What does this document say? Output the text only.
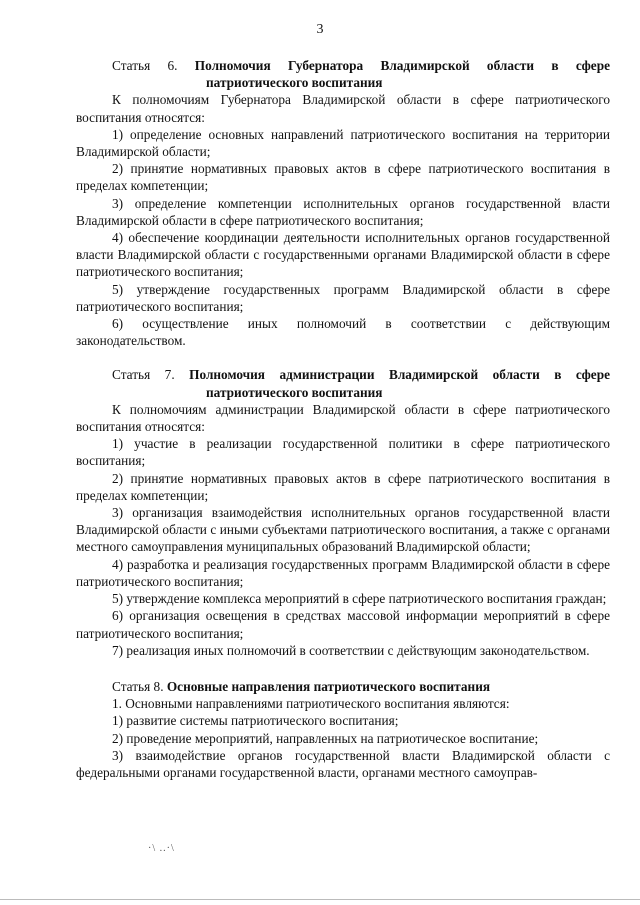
3

Статья 6. Полномочия Губернатора Владимирской области в сфере патриотического воспитания

К полномочиям Губернатора Владимирской области в сфере патриотического воспитания относятся:

1) определение основных направлений патриотического воспитания на территории Владимирской области;

2) принятие нормативных правовых актов в сфере патриотического воспитания в пределах компетенции;

3) определение компетенции исполнительных органов государственной власти Владимирской области в сфере патриотического воспитания;

4) обеспечение координации деятельности исполнительных органов государственной власти Владимирской области с государственными органами Владимирской области в сфере патриотического воспитания;

5) утверждение государственных программ Владимирской области в сфере патриотического воспитания;

6) осуществление иных полномочий в соответствии с действующим законодательством.

Статья 7. Полномочия администрации Владимирской области в сфере патриотического воспитания

К полномочиям администрации Владимирской области в сфере патриотического воспитания относятся:

1) участие в реализации государственной политики в сфере патриотического воспитания;

2) принятие нормативных правовых актов в сфере патриотического воспитания в пределах компетенции;

3) организация взаимодействия исполнительных органов государственной власти Владимирской области с иными субъектами патриотического воспитания, а также с органами местного самоуправления муниципальных образований Владимирской области;

4) разработка и реализация государственных программ Владимирской области в сфере патриотического воспитания;

5) утверждение комплекса мероприятий в сфере патриотического воспитания граждан;

6) организация освещения в средствах массовой информации мероприятий в сфере патриотического воспитания;

7) реализация иных полномочий в соответствии с действующим законодательством.

Статья 8. Основные направления патриотического воспитания

1. Основными направлениями патриотического воспитания являются:

1) развитие системы патриотического воспитания;

2) проведение мероприятий, направленных на патриотическое воспитание;

3) взаимодействие органов государственной власти Владимирской области с федеральными органами государственной власти, органами местного самоуправ-

·\ ..·\
